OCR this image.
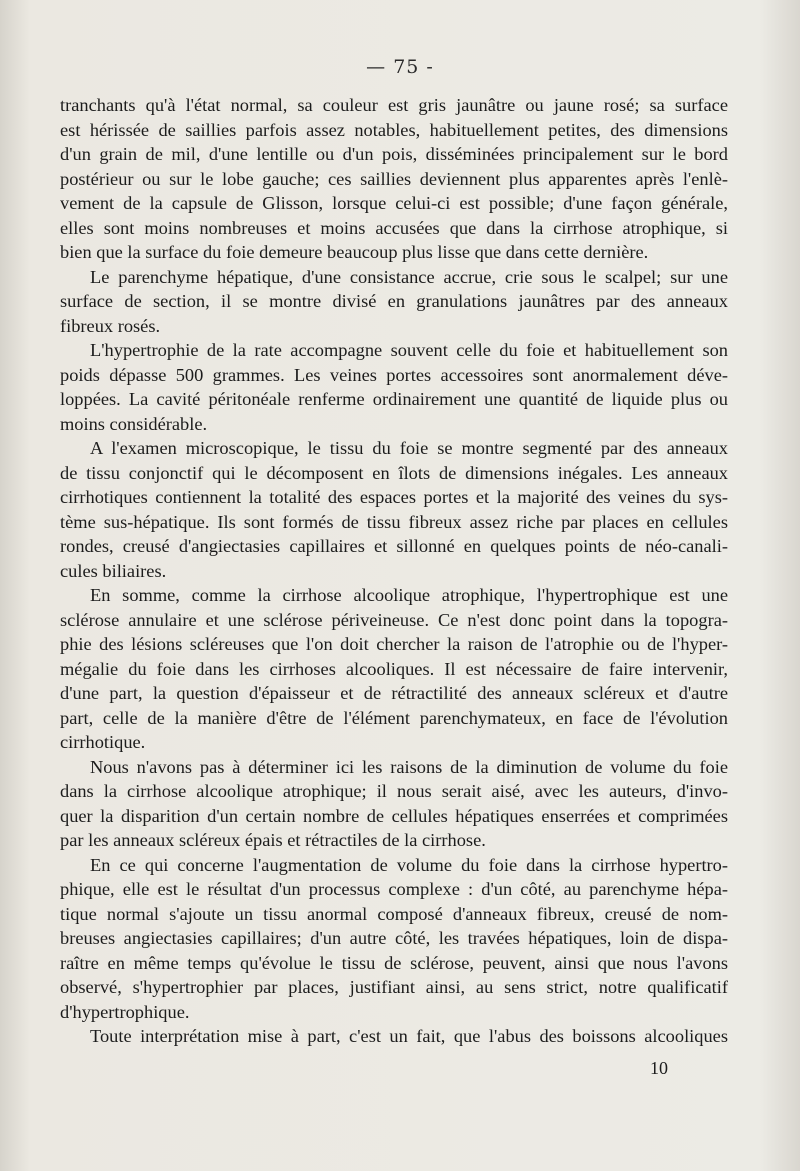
— 75 -
tranchants qu'à l'état normal, sa couleur est gris jaunâtre ou jaune rosé; sa surface
est hérissée de saillies parfois assez notables, habituellement petites, des dimensions
d'un grain de mil, d'une lentille ou d'un pois, disséminées principalement sur le bord
postérieur ou sur le lobe gauche; ces saillies deviennent plus apparentes après l'enlè-
vement de la capsule de Glisson, lorsque celui-ci est possible; d'une façon générale,
elles sont moins nombreuses et moins accusées que dans la cirrhose atrophique, si
bien que la surface du foie demeure beaucoup plus lisse que dans cette dernière.
Le parenchyme hépatique, d'une consistance accrue, crie sous le scalpel; sur une
surface de section, il se montre divisé en granulations jaunâtres par des anneaux
fibreux rosés.
L'hypertrophie de la rate accompagne souvent celle du foie et habituellement son
poids dépasse 500 grammes. Les veines portes accessoires sont anormalement déve-
loppées. La cavité péritonéale renferme ordinairement une quantité de liquide plus ou
moins considérable.
A l'examen microscopique, le tissu du foie se montre segmenté par des anneaux
de tissu conjonctif qui le décomposent en îlots de dimensions inégales. Les anneaux
cirrhotiques contiennent la totalité des espaces portes et la majorité des veines du sys-
tème sus-hépatique. Ils sont formés de tissu fibreux assez riche par places en cellules
rondes, creusé d'angiectasies capillaires et sillonné en quelques points de néo-canali-
cules biliaires.
En somme, comme la cirrhose alcoolique atrophique, l'hypertrophique est une
sclérose annulaire et une sclérose périveineuse. Ce n'est donc point dans la topogra-
phie des lésions scléreuses que l'on doit chercher la raison de l'atrophie ou de l'hyper-
mégalie du foie dans les cirrhoses alcooliques. Il est nécessaire de faire intervenir,
d'une part, la question d'épaisseur et de rétractilité des anneaux scléreux et d'autre
part, celle de la manière d'être de l'élément parenchymateux, en face de l'évolution
cirrhotique.
Nous n'avons pas à déterminer ici les raisons de la diminution de volume du foie
dans la cirrhose alcoolique atrophique; il nous serait aisé, avec les auteurs, d'invo-
quer la disparition d'un certain nombre de cellules hépatiques enserrées et comprimées
par les anneaux scléreux épais et rétractiles de la cirrhose.
En ce qui concerne l'augmentation de volume du foie dans la cirrhose hypertro-
phique, elle est le résultat d'un processus complexe : d'un côté, au parenchyme hépa-
tique normal s'ajoute un tissu anormal composé d'anneaux fibreux, creusé de nom-
breuses angiectasies capillaires; d'un autre côté, les travées hépatiques, loin de dispa-
raître en même temps qu'évolue le tissu de sclérose, peuvent, ainsi que nous l'avons
observé, s'hypertrophier par places, justifiant ainsi, au sens strict, notre qualificatif
d'hypertrophique.
Toute interprétation mise à part, c'est un fait, que l'abus des boissons alcooliques
10
